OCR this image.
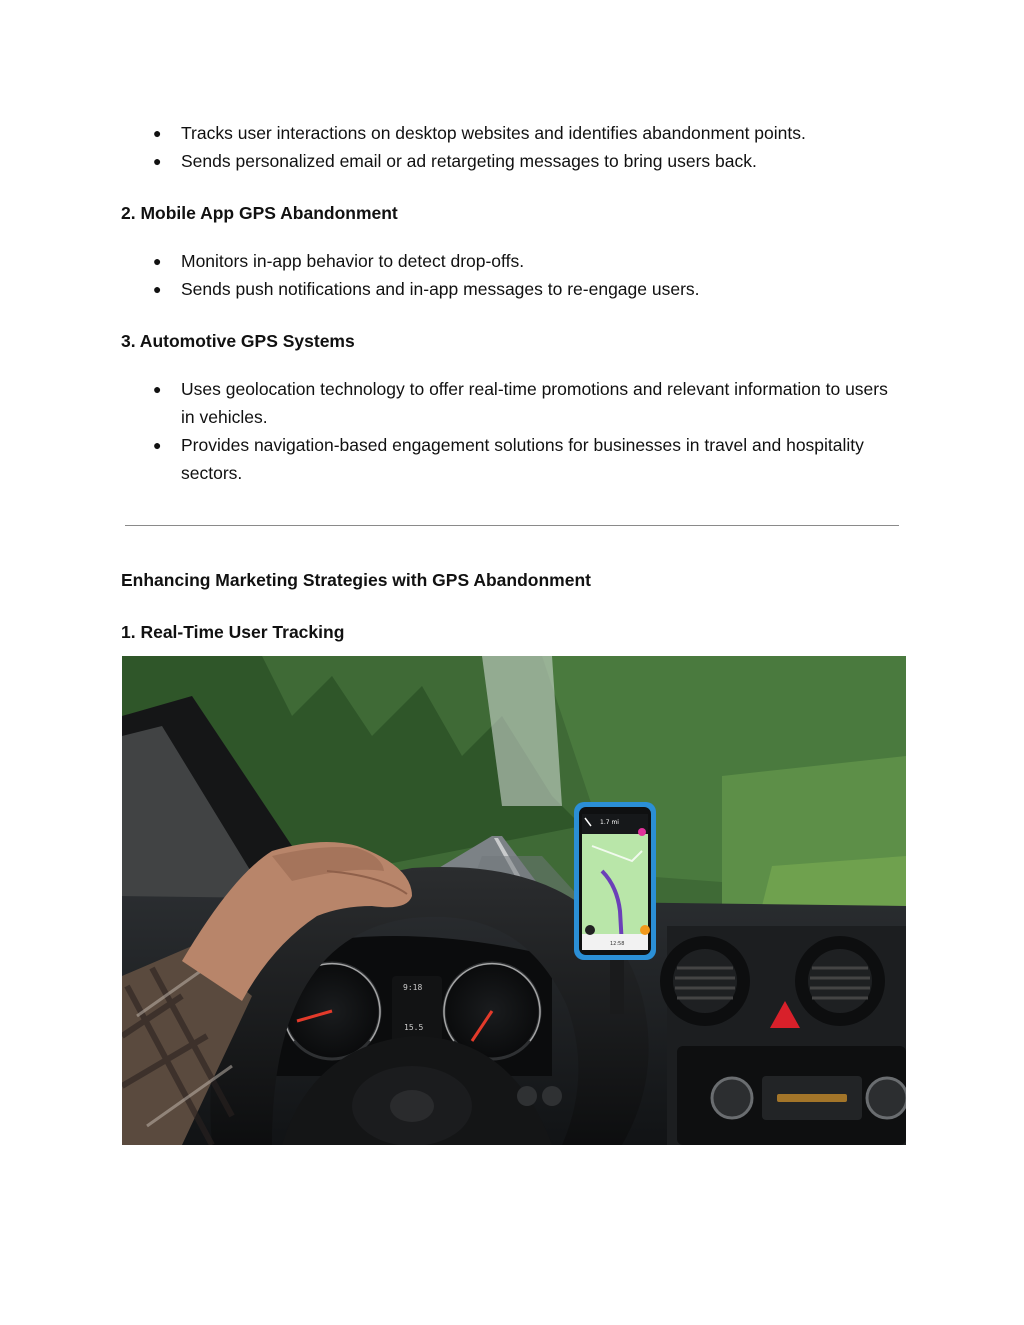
● Tracks user interactions on desktop websites and identifies abandonment points.
● Sends personalized email or ad retargeting messages to bring users back.
2. Mobile App GPS Abandonment
● Monitors in-app behavior to detect drop-offs.
● Sends push notifications and in-app messages to re-engage users.
3. Automotive GPS Systems
● Uses geolocation technology to offer real-time promotions and relevant information to users in vehicles.
● Provides navigation-based engagement solutions for businesses in travel and hospitality sectors.
Enhancing Marketing Strategies with GPS Abandonment
1. Real-Time User Tracking
9:18
15.5
1.7 mi
12:58
